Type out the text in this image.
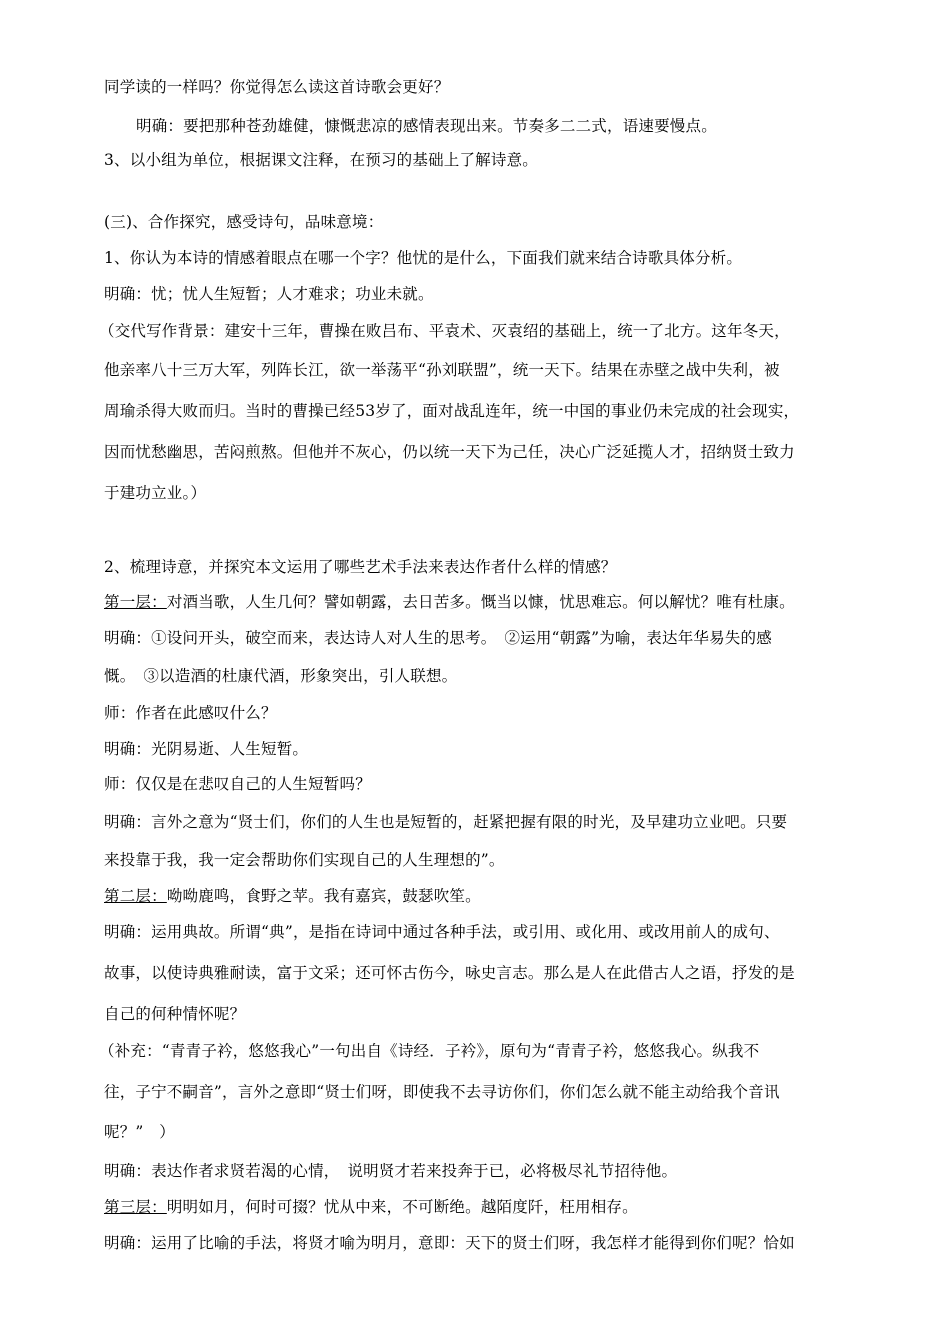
同学读的一样吗？你觉得怎么读这首诗歌会更好？
明确：要把那种苍劲雄健，慷慨悲凉的感情表现出来。节奏多二二式，语速要慢点。
3、以小组为单位，根据课文注释，在预习的基础上了解诗意。
(三)、合作探究，感受诗句，品味意境：
1、你认为本诗的情感着眼点在哪一个字？他忧的是什么，下面我们就来结合诗歌具体分析。
明确：忧；忧人生短暂；人才难求；功业未就。
（交代写作背景：建安十三年，曹操在败吕布、平袁术、灭袁绍的基础上，统一了北方。这年冬天，
他亲率八十三万大军，列阵长江，欲一举荡平“孙刘联盟”，统一天下。结果在赤壁之战中失利，被
周瑜杀得大败而归。当时的曹操已经53岁了，面对战乱连年，统一中国的事业仍未完成的社会现实，
因而忧愁幽思，苦闷煎熬。但他并不灰心，仍以统一天下为己任，决心广泛延揽人才，招纳贤士致力
于建功立业。）
2、梳理诗意，并探究本文运用了哪些艺术手法来表达作者什么样的情感？
第一层：对酒当歌，人生几何？譬如朝露，去日苦多。慨当以慷，忧思难忘。何以解忧？唯有杜康。
明确：①设问开头，破空而来，表达诗人对人生的思考。　②运用“朝露”为喻，表达年华易失的感
慨。　③以造酒的杜康代酒，形象突出，引人联想。
师：作者在此感叹什么？
明确：光阴易逝、人生短暂。
师：仅仅是在悲叹自己的人生短暂吗？
明确：言外之意为“贤士们，你们的人生也是短暂的，赶紧把握有限的时光，及早建功立业吧。只要
来投靠于我，我一定会帮助你们实现自己的人生理想的”。
第二层：呦呦鹿鸣，食野之苹。我有嘉宾，鼓瑟吹笙。
明确：运用典故。所谓“典”，是指在诗词中通过各种手法，或引用、或化用、或改用前人的成句、
故事，以使诗典雅耐读，富于文采；还可怀古伤今，咏史言志。那么是人在此借古人之语，抒发的是
自己的何种情怀呢？
（补充：“青青子衿，悠悠我心”一句出自《诗经．子衿》，原句为“青青子衿，悠悠我心。纵我不
往，子宁不嗣音”，言外之意即“贤士们呀，即使我不去寻访你们，你们怎么就不能主动给我个音讯
呢？”　）
明确：表达作者求贤若渴的心情，　说明贤才若来投奔于已，必将极尽礼节招待他。
第三层：明明如月，何时可掇？忧从中来，不可断绝。越陌度阡，枉用相存。
明确：运用了比喻的手法，将贤才喻为明月，意即：天下的贤士们呀，我怎样才能得到你们呢？恰如
